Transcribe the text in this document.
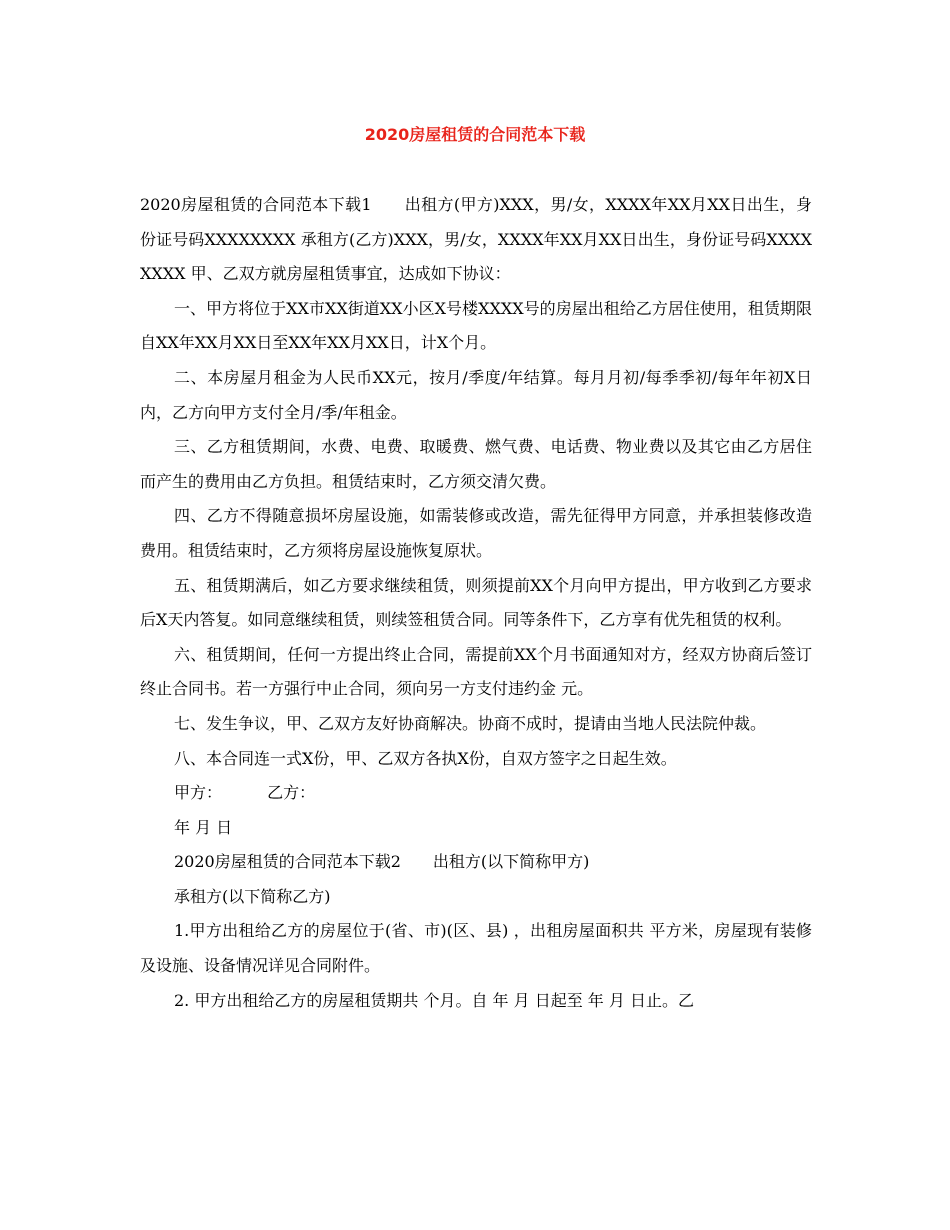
2020房屋租赁的合同范本下载

2020房屋租赁的合同范本下载1　　出租方(甲方)XXX，男/女，XXXX年XX月XX日出生，身份证号码XXXXXXXX 承租方(乙方)XXX，男/女，XXXX年XX月XX日出生，身份证号码XXXXXXXX 甲、乙双方就房屋租赁事宜，达成如下协议：

一、甲方将位于XX市XX街道XX小区X号楼XXXX号的房屋出租给乙方居住使用，租赁期限自XX年XX月XX日至XX年XX月XX日，计X个月。

二、本房屋月租金为人民币XX元，按月/季度/年结算。每月月初/每季季初/每年年初X日内，乙方向甲方支付全月/季/年租金。

三、乙方租赁期间，水费、电费、取暖费、燃气费、电话费、物业费以及其它由乙方居住而产生的费用由乙方负担。租赁结束时，乙方须交清欠费。

四、乙方不得随意损坏房屋设施，如需装修或改造，需先征得甲方同意，并承担装修改造费用。租赁结束时，乙方须将房屋设施恢复原状。

五、租赁期满后，如乙方要求继续租赁，则须提前XX个月向甲方提出，甲方收到乙方要求后X天内答复。如同意继续租赁，则续签租赁合同。同等条件下，乙方享有优先租赁的权利。

六、租赁期间，任何一方提出终止合同，需提前XX个月书面通知对方，经双方协商后签订终止合同书。若一方强行中止合同，须向另一方支付违约金 元。

七、发生争议，甲、乙双方友好协商解决。协商不成时，提请由当地人民法院仲裁。

八、本合同连一式X份，甲、乙双方各执X份，自双方签字之日起生效。

甲方：　　　 乙方：

年 月 日

2020房屋租赁的合同范本下载2　　出租方(以下简称甲方)

承租方(以下简称乙方)

1.甲方出租给乙方的房屋位于(省、市)(区、县) ，出租房屋面积共 平方米，房屋现有装修及设施、设备情况详见合同附件。

2. 甲方出租给乙方的房屋租赁期共 个月。自 年 月 日起至 年 月 日止。乙
